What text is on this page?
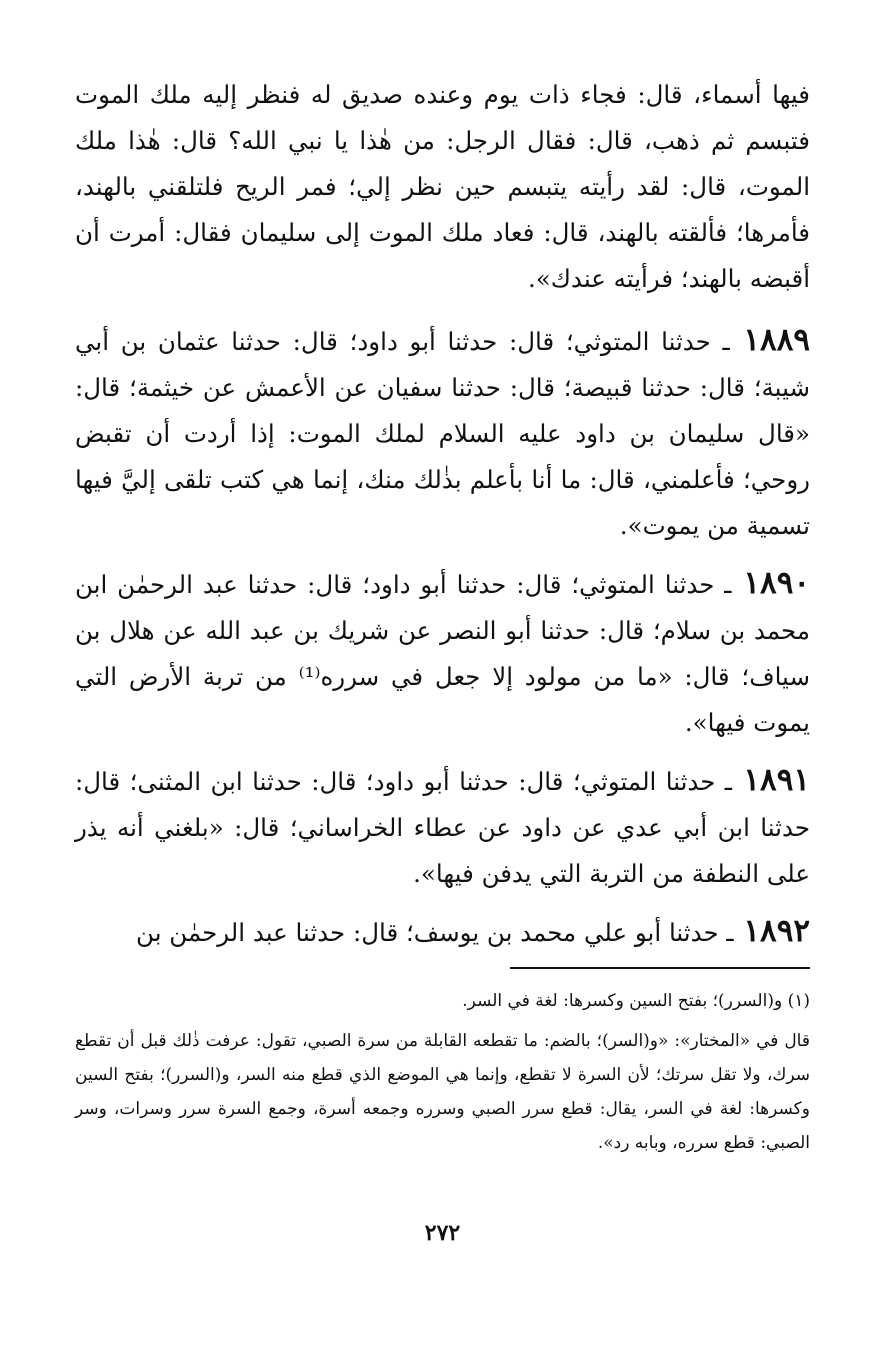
فيها أسماء، قال: فجاء ذات يوم وعنده صديق له فنظر إليه ملك الموت فتبسم ثم ذهب، قال: فقال الرجل: من هٰذا يا نبي الله؟ قال: هٰذا ملك الموت، قال: لقد رأيته يتبسم حين نظر إلي؛ فمر الريح فلتلقني بالهند، فأمرها؛ فألقته بالهند، قال: فعاد ملك الموت إلى سليمان فقال: أمرت أن أقبضه بالهند؛ فرأيته عندك».

١٨٨٩ ـ حدثنا المتوثي؛ قال: حدثنا أبو داود؛ قال: حدثنا عثمان بن أبي شيبة؛ قال: حدثنا قبيصة؛ قال: حدثنا سفيان عن الأعمش عن خيثمة؛ قال: «قال سليمان بن داود عليه السلام لملك الموت: إذا أردت أن تقبض روحي؛ فأعلمني، قال: ما أنا بأعلم بذٰلك منك، إنما هي كتب تلقى إليَّ فيها تسمية من يموت».

١٨٩٠ ـ حدثنا المتوثي؛ قال: حدثنا أبو داود؛ قال: حدثنا عبد الرحمٰن ابن محمد بن سلام؛ قال: حدثنا أبو النصر عن شريك بن عبد الله عن هلال بن سياف؛ قال: «ما من مولود إلا جعل في سرره⁽¹⁾ من تربة الأرض التي يموت فيها».

١٨٩١ ـ حدثنا المتوثي؛ قال: حدثنا أبو داود؛ قال: حدثنا ابن المثنى؛ قال: حدثنا ابن أبي عدي عن داود عن عطاء الخراساني؛ قال: «بلغني أنه يذر على النطفة من التربة التي يدفن فيها».

١٨٩٢ ـ حدثنا أبو علي محمد بن يوسف؛ قال: حدثنا عبد الرحمٰن بن

(١) و(السرر)؛ بفتح السين وكسرها: لغة في السر.

قال في «المختار»: «و(السر)؛ بالضم: ما تقطعه القابلة من سرة الصبي، تقول: عرفت ذٰلك قبل أن تقطع سرك، ولا تقل سرتك؛ لأن السرة لا تقطع، وإنما هي الموضع الذي قطع منه السر، و(السرر)؛ بفتح السين وكسرها: لغة في السر، يقال: قطع سرر الصبي وسرره وجمعه أسرة، وجمع السرة سرر وسرات، وسر الصبي: قطع سرره، وبابه رد».

٢٧٢
